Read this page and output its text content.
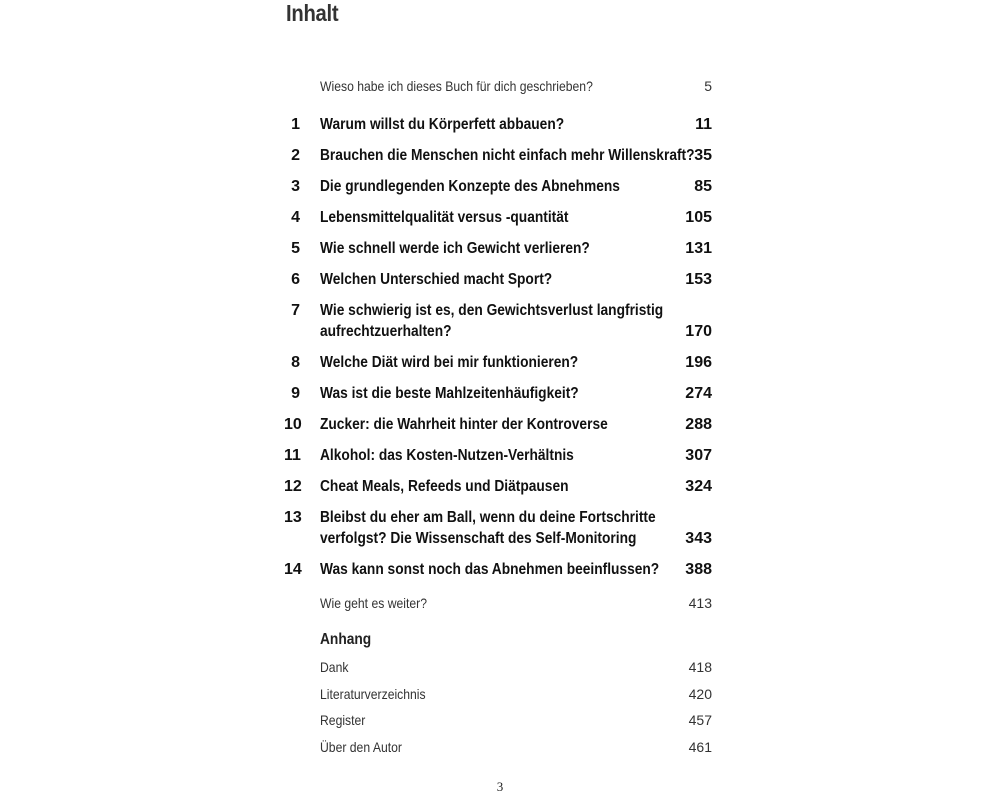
Inhalt
Wieso habe ich dieses Buch für dich geschrieben?	5
1 Warum willst du Körperfett abbauen?	11
2 Brauchen die Menschen nicht einfach mehr Willenskraft? 35
3 Die grundlegenden Konzepte des Abnehmens	85
4 Lebensmittelqualität versus -quantität	105
5 Wie schnell werde ich Gewicht verlieren?	131
6 Welchen Unterschied macht Sport?	153
7 Wie schwierig ist es, den Gewichtsverlust langfristig
aufrechtzuerhalten?	170
8 Welche Diät wird bei mir funktionieren?	196
9 Was ist die beste Mahlzeitenhäufigkeit?	274
10 Zucker: die Wahrheit hinter der Kontroverse	288
11 Alkohol: das Kosten-Nutzen-Verhältnis	307
12 Cheat Meals, Refeeds und Diätpausen	324
13 Bleibst du eher am Ball, wenn du deine Fortschritte
verfolgst? Die Wissenschaft des Self-Monitoring	343
14 Was kann sonst noch das Abnehmen beeinflussen? 388
Wie geht es weiter?	413
Anhang
Dank	418
Literaturverzeichnis	420
Register	457
Über den Autor	461
3
